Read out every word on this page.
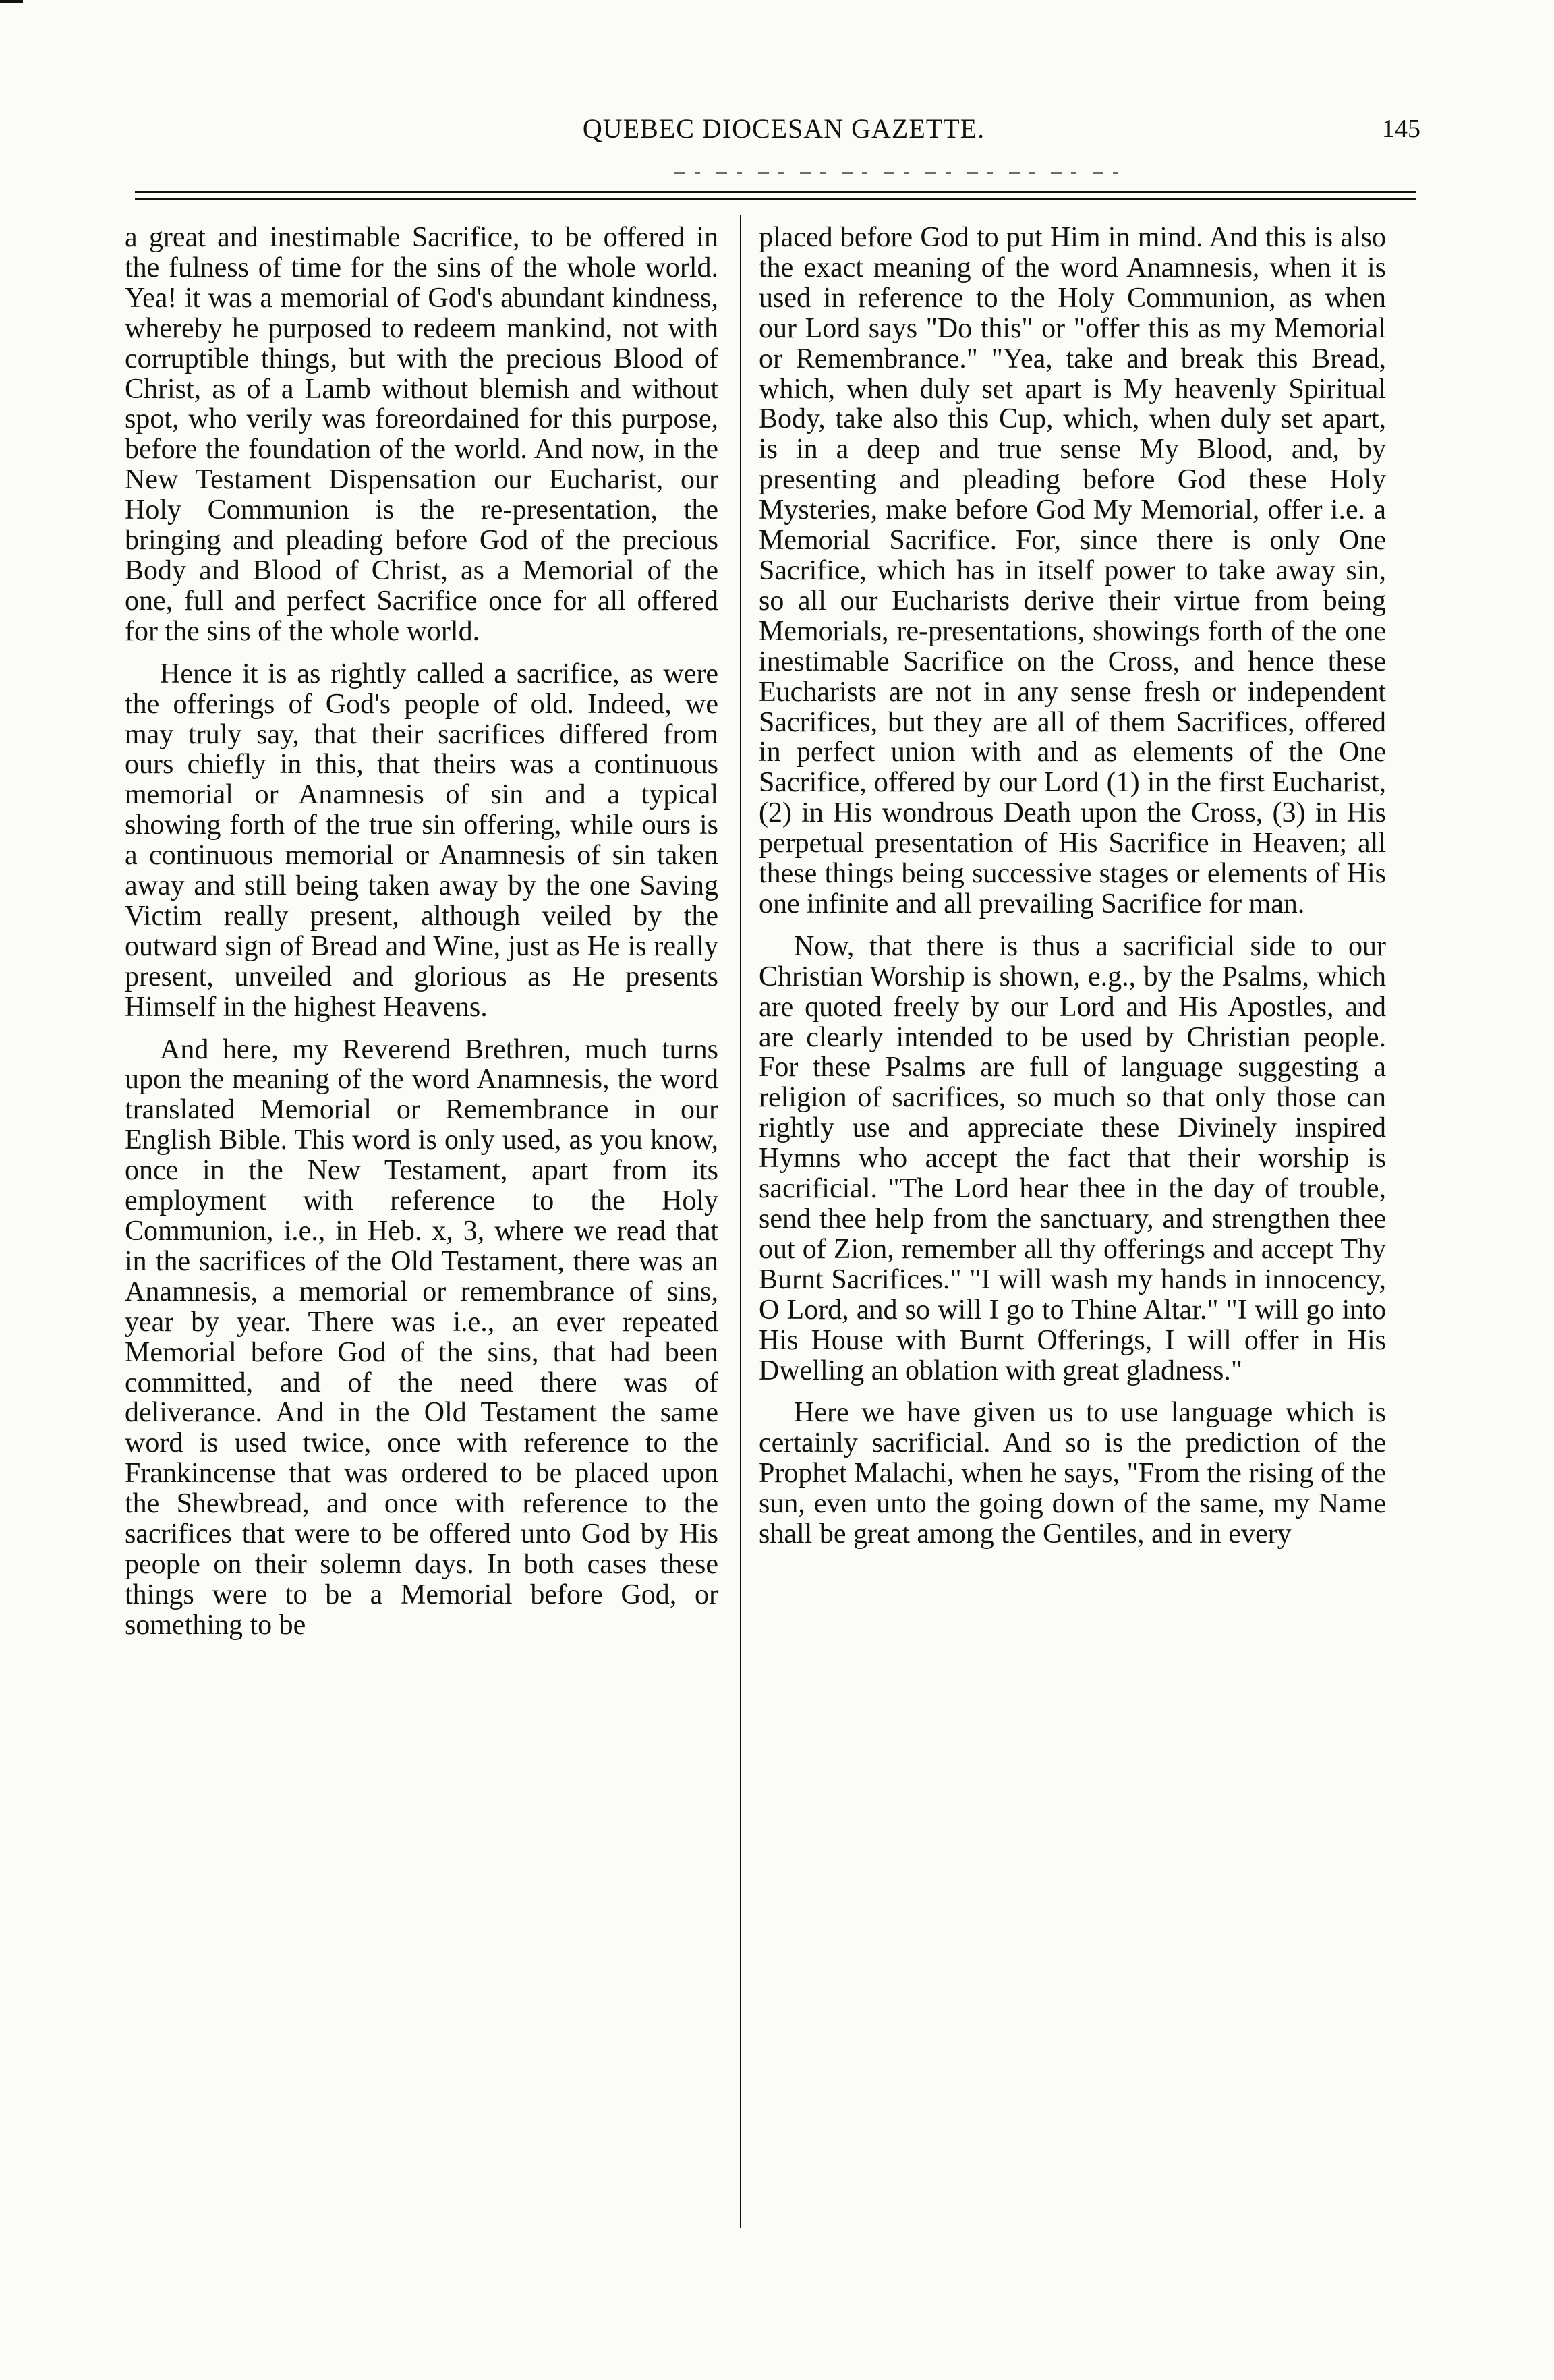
QUEBEC DIOCESAN GAZETTE.	145

a great and inestimable Sacrifice, to be offered in the fulness of time for the sins of the whole world. Yea! it was a memorial of God's abundant kindness, whereby he purposed to redeem mankind, not with corruptible things, but with the precious Blood of Christ, as of a Lamb without blemish and without spot, who verily was foreordained for this purpose, before the foundation of the world. And now, in the New Testament Dispensation our Eucharist, our Holy Communion is the re-presentation, the bringing and pleading before God of the precious Body and Blood of Christ, as a Memorial of the one, full and perfect Sacrifice once for all offered for the sins of the whole world.

Hence it is as rightly called a sacrifice, as were the offerings of God's people of old. Indeed, we may truly say, that their sacrifices differed from ours chiefly in this, that theirs was a continuous memorial or Anamnesis of sin and a typical showing forth of the true sin offering, while ours is a continuous memorial or Anamnesis of sin taken away and still being taken away by the one Saving Victim really present, although veiled by the outward sign of Bread and Wine, just as He is really present, unveiled and glorious as He presents Himself in the highest Heavens.

And here, my Reverend Brethren, much turns upon the meaning of the word Anamnesis, the word translated Memorial or Remembrance in our English Bible. This word is only used, as you know, once in the New Testament, apart from its employment with reference to the Holy Communion, i.e., in Heb. x, 3, where we read that in the sacrifices of the Old Testament, there was an Anamnesis, a memorial or remembrance of sins, year by year. There was i.e., an ever repeated Memorial before God of the sins, that had been committed, and of the need there was of deliverance. And in the Old Testament the same word is used twice, once with reference to the Frankincense that was ordered to be placed upon the Shewbread, and once with reference to the sacrifices that were to be offered unto God by His people on their solemn days. In both cases these things were to be a Memorial before God, or something to be

placed before God to put Him in mind. And this is also the exact meaning of the word Anamnesis, when it is used in reference to the Holy Communion, as when our Lord says "Do this" or "offer this as my Memorial or Remembrance." "Yea, take and break this Bread, which, when duly set apart is My heavenly Spiritual Body, take also this Cup, which, when duly set apart, is in a deep and true sense My Blood, and, by presenting and pleading before God these Holy Mysteries, make before God My Memorial, offer i.e. a Memorial Sacrifice. For, since there is only One Sacrifice, which has in itself power to take away sin, so all our Eucharists derive their virtue from being Memorials, re-presentations, showings forth of the one inestimable Sacrifice on the Cross, and hence these Eucharists are not in any sense fresh or independent Sacrifices, but they are all of them Sacrifices, offered in perfect union with and as elements of the One Sacrifice, offered by our Lord (1) in the first Eucharist, (2) in His wondrous Death upon the Cross, (3) in His perpetual presentation of His Sacrifice in Heaven; all these things being successive stages or elements of His one infinite and all prevailing Sacrifice for man.

Now, that there is thus a sacrificial side to our Christian Worship is shown, e.g., by the Psalms, which are quoted freely by our Lord and His Apostles, and are clearly intended to be used by Christian people. For these Psalms are full of language suggesting a religion of sacrifices, so much so that only those can rightly use and appreciate these Divinely inspired Hymns who accept the fact that their worship is sacrificial. "The Lord hear thee in the day of trouble, send thee help from the sanctuary, and strengthen thee out of Zion, remember all thy offerings and accept Thy Burnt Sacrifices." "I will wash my hands in innocency, O Lord, and so will I go to Thine Altar." "I will go into His House with Burnt Offerings, I will offer in His Dwelling an oblation with great gladness."

Here we have given us to use language which is certainly sacrificial. And so is the prediction of the Prophet Malachi, when he says, "From the rising of the sun, even unto the going down of the same, my Name shall be great among the Gentiles, and in every
